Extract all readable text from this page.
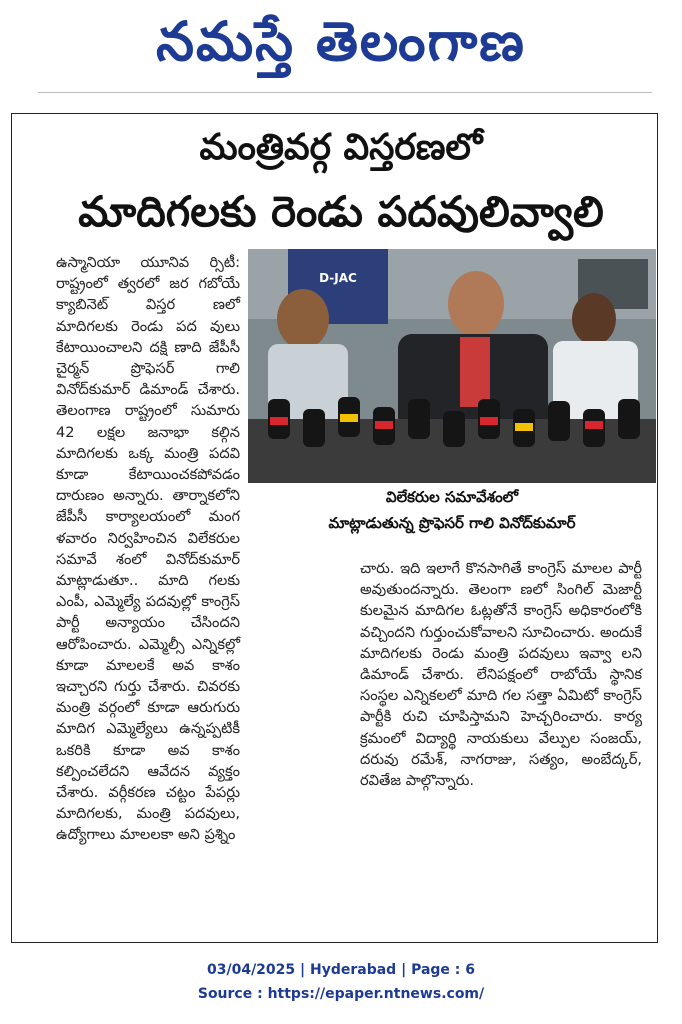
నమస్తే తెలంగాణ
మంత్రివర్గ విస్తరణలో
మాదిగలకు రెండు పదవులివ్వాలి

ఉస్మానియా యూనివ ర్సిటీ: రాష్ట్రంలో త్వరలో జర గబోయే క్యాబినెట్ విస్తర ణలో మాదిగలకు రెండు పద వులు కేటాయించాలని దక్షి ణాది జేపీసీ చైర్మన్ ప్రొఫెసర్ గాలి వినోద్‌కుమార్ డిమాండ్ చేశారు. తెలంగాణ రాష్ట్రంలో సుమారు 42 లక్షల జనాభా కల్గిన మాదిగలకు ఒక్క మంత్రి పదవి కూడా కేటాయించకపోవడం దారుణం అన్నారు. తార్నాకలోని జేపీసీ కార్యాలయంలో మంగ ళవారం నిర్వహించిన విలేకరుల సమావే శంలో వినోద్‌కుమార్ మాట్లాడుతూ.. మాది గలకు ఎంపీ, ఎమ్మెల్యే పదవుల్లో కాంగ్రెస్ పార్టీ అన్యాయం చేసిందని ఆరోపించారు. ఎమ్మెల్సీ ఎన్నికల్లో కూడా మాలలకే అవ కాశం ఇచ్చారని గుర్తు చేశారు. చివరకు మంత్రి వర్గంలో కూడా ఆరుగురు మాదిగ ఎమ్మెల్యేలు ఉన్నప్పటికీ ఒకరికి కూడా అవ కాశం కల్పించలేదని ఆవేదన వ్యక్తం చేశారు. వర్గీకరణ చట్టం పేపర్లు మాదిగలకు, మంత్రి పదవులు, ఉద్యోగాలు మాలలకా అని ప్రశ్నిం

చారు. ఇది ఇలాగే కొనసాగితే కాంగ్రెస్ మాలల పార్టీ అవుతుందన్నారు. తెలంగా ణలో సింగిల్ మెజార్టీ కులమైన మాదిగల ఓట్లతోనే కాంగ్రెస్ అధికారంలోకి వచ్చిందని గుర్తుంచుకోవాలని సూచించారు. అందుకే మాదిగలకు రెండు మంత్రి పదవులు ఇవ్వా లని డిమాండ్ చేశారు. లేనిపక్షంలో రాబోయే స్థానిక సంస్థల ఎన్నికలలో మాది గల సత్తా ఏమిటో కాంగ్రెస్ పార్టీకి రుచి చూపిస్తామని హెచ్చరించారు. కార్య క్రమంలో విద్యార్థి నాయకులు వేల్పుల సంజయ్, దరువు రమేశ్, నాగరాజు, సత్యం, అంబేద్కర్, రవితేజ పాల్గొన్నారు.

D-JAC
విలేకరుల సమావేశంలో
మాట్లాడుతున్న ప్రొఫెసర్ గాలి వినోద్‌కుమార్
03/04/2025 | Hyderabad | Page : 6
Source : https://epaper.ntnews.com/
